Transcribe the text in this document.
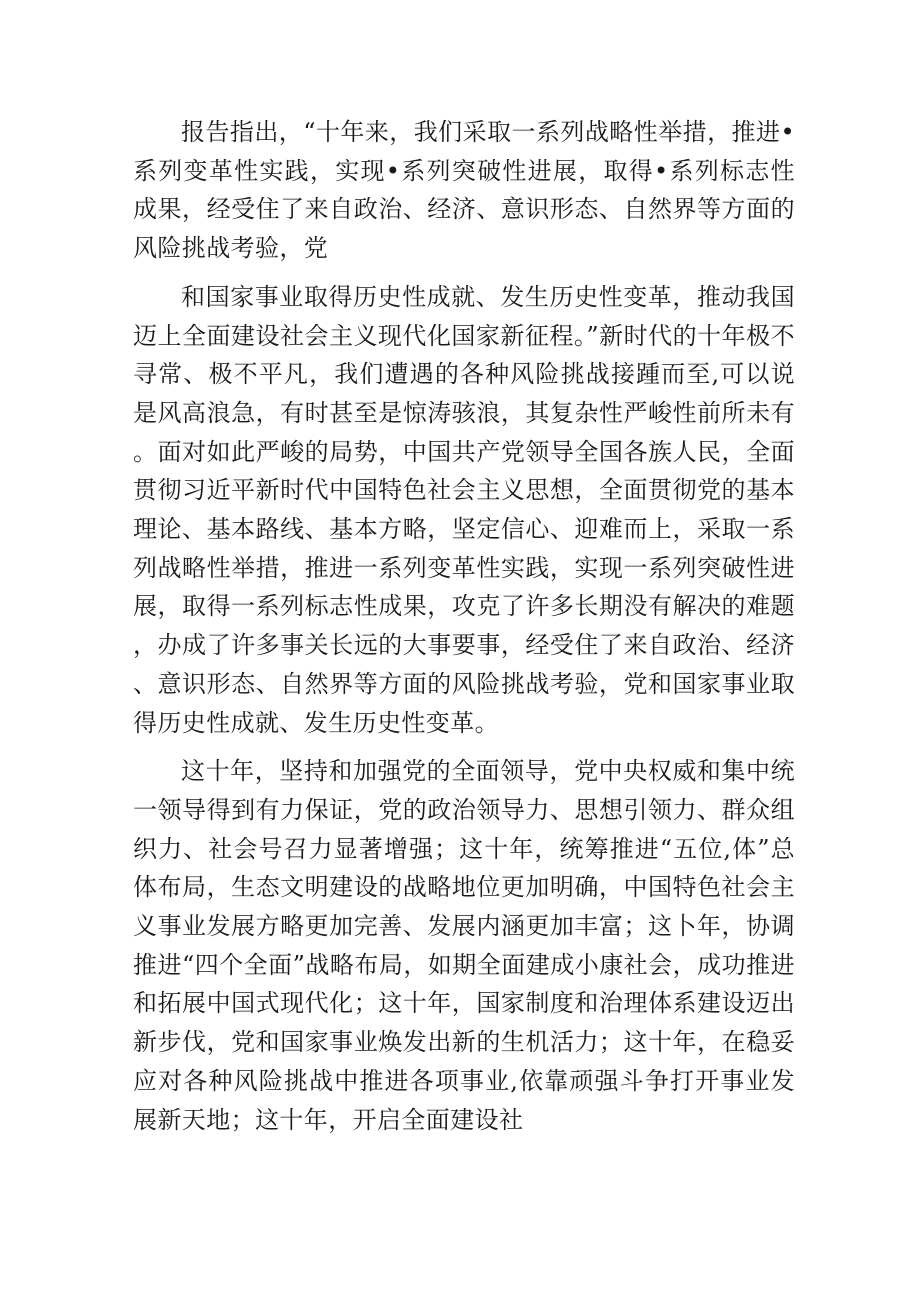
报告指出，“十年来，我们采取一系列战略性举措，推进•系列变革性实践，实现•系列突破性进展，取得•系列标志性成果，经受住了来自政治、经济、意识形态、自然界等方面的风险挑战考验，党

和国家事业取得历史性成就、发生历史性变革，推动我国迈上全面建设社会主义现代化国家新征程。”新时代的十年极不寻常、极不平凡，我们遭遇的各种风险挑战接踵而至,可以说是风高浪急，有时甚至是惊涛骇浪，其复杂性严峻性前所未有。面对如此严峻的局势，中国共产党领导全国各族人民，全面贯彻习近平新时代中国特色社会主义思想，全面贯彻党的基本理论、基本路线、基本方略，坚定信心、迎难而上，采取一系列战略性举措，推进一系列变革性实践，实现一系列突破性进展，取得一系列标志性成果，攻克了许多长期没有解决的难题，办成了许多事关长远的大事要事，经受住了来自政治、经济、意识形态、自然界等方面的风险挑战考验，党和国家事业取得历史性成就、发生历史性变革。

这十年，坚持和加强党的全面领导，党中央权威和集中统一领导得到有力保证，党的政治领导力、思想引领力、群众组织力、社会号召力显著增强；这十年，统筹推进“五位,体”总体布局，生态文明建设的战略地位更加明确，中国特色社会主义事业发展方略更加完善、发展内涵更加丰富；这卜年，协调推进“四个全面”战略布局，如期全面建成小康社会，成功推进和拓展中国式现代化；这十年，国家制度和治理体系建设迈出新步伐，党和国家事业焕发出新的生机活力；这十年，在稳妥应对各种风险挑战中推进各项事业,依靠顽强斗争打开事业发展新天地；这十年，开启全面建设社
